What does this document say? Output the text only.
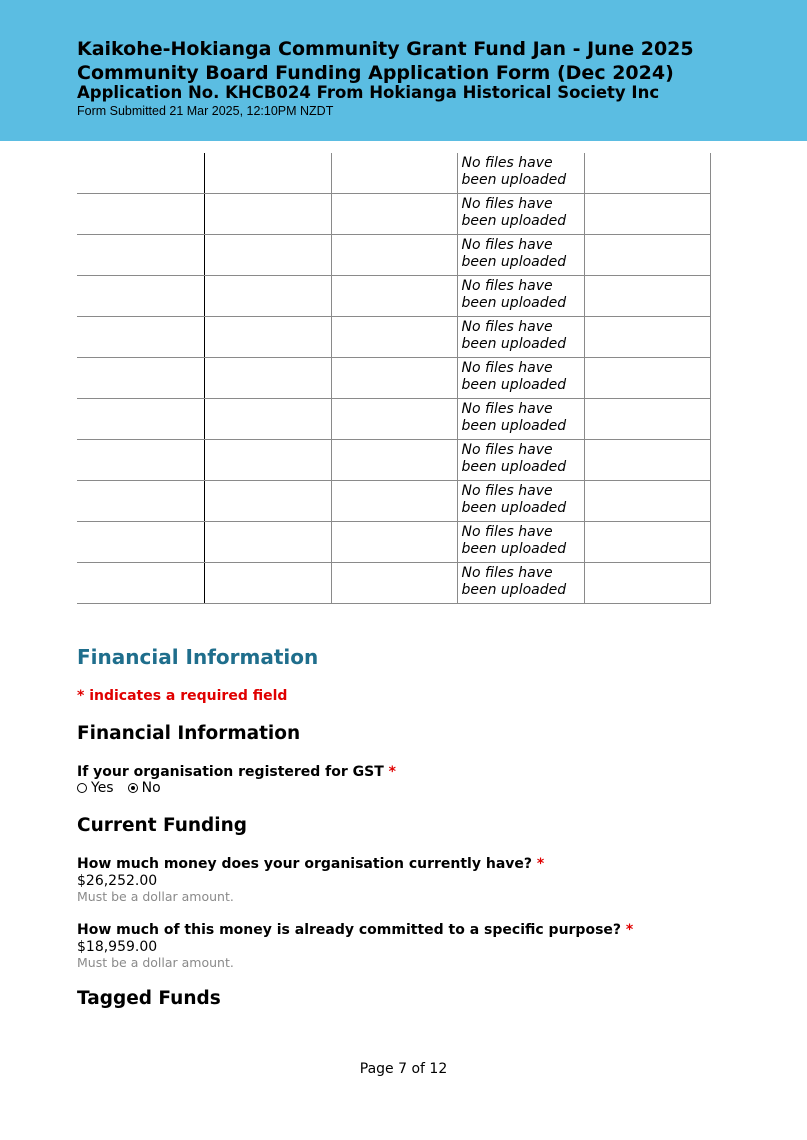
Kaikohe-Hokianga Community Grant Fund Jan - June 2025
Community Board Funding Application Form (Dec 2024)
Application No. KHCB024 From Hokianga Historical Society Inc
Form Submitted 21 Mar 2025, 12:10PM NZDT

			No files have been uploaded	

			No files have been uploaded	

			No files have been uploaded	

			No files have been uploaded	

			No files have been uploaded	

			No files have been uploaded	

			No files have been uploaded	

			No files have been uploaded	

			No files have been uploaded	

			No files have been uploaded	

			No files have been uploaded	

Financial Information
* indicates a required field
Financial Information
If your organisation registered for GST *
Yes No
Current Funding
How much money does your organisation currently have? *
$26,252.00
Must be a dollar amount.
How much of this money is already committed to a specific purpose? *
$18,959.00
Must be a dollar amount.
Tagged Funds
Page 7 of 12
